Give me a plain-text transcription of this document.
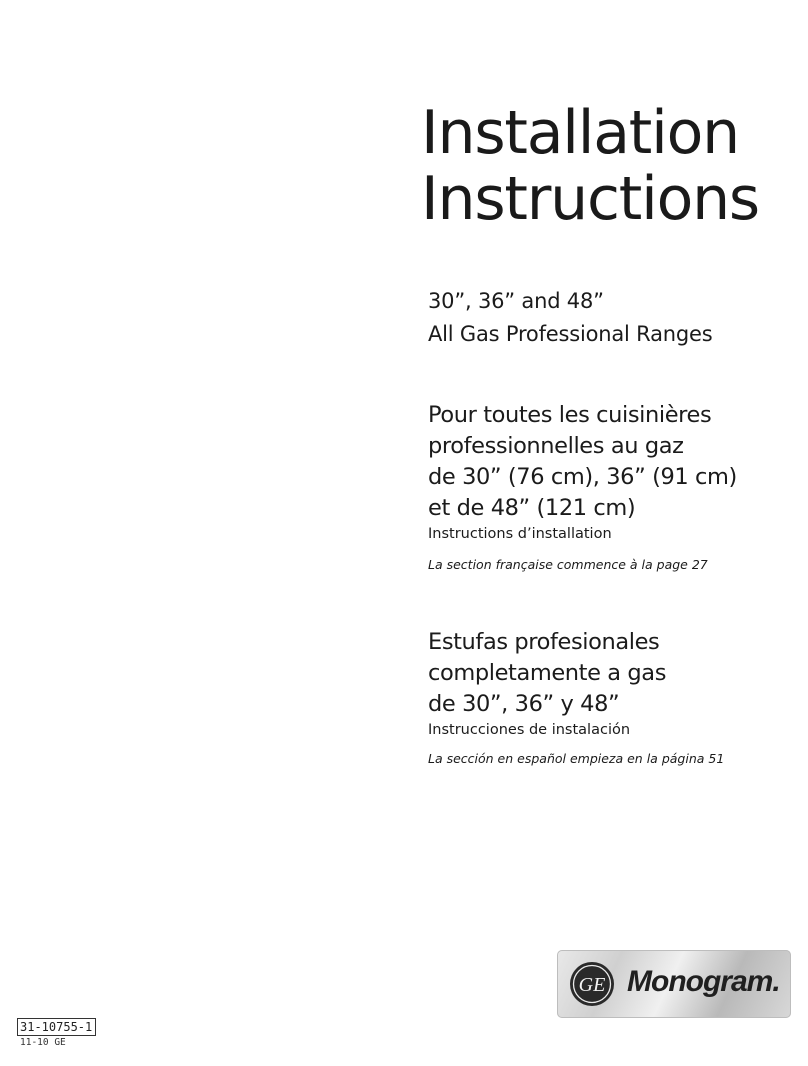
Installation
Instructions
30”, 36” and 48”
All Gas Professional Ranges
Pour toutes les cuisinières
professionnelles au gaz
de 30” (76 cm), 36” (91 cm)
et de 48” (121 cm)
Instructions d’installation
La section française commence à la page 27
Estufas profesionales
completamente a gas
de 30”, 36” y 48”
Instrucciones de instalación
La sección en español empieza en la página 51
GE Monogram.
31-10755-1
11-10 GE
